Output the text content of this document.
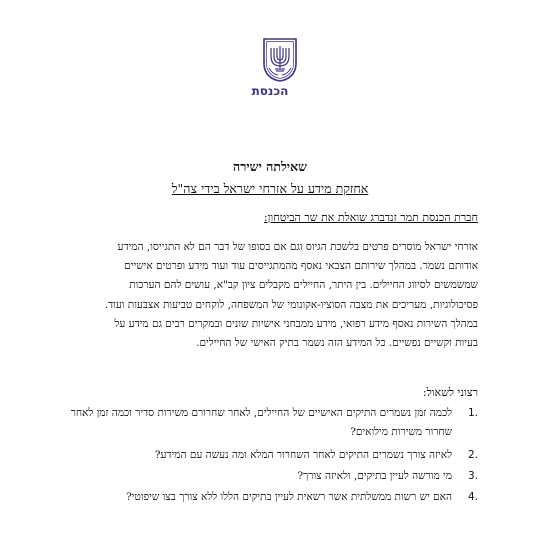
הכנסת
שאילתה ישירה
אחזקת מידע על אזרחי ישראל בידי צה"ל
חברת הכנסת תמר זנדברג שואלת את שר הביטחון:
אזרחי ישראל מוסרים פרטים בלשכת הגיוס וגם אם בסופו של דבר הם לא התגייסו, המידע
אודותם נשמר. במהלך שירותם הצבאי נאסף מהמתגייסים עוד ועוד מידע ופרטים אישיים
שמשמשים לסיווג החיילים. בין היתר, החיילים מקבלים ציון קב"א, עושים להם הערכות
פסיכולוגיות, מעריכים את מצבה הסוציו-אקונומי של המשפחה, לוקחים טביעות אצבעות ועוד.
במהלך השירות נאסף מידע רפואי, מידע ממבחני אישיות שונים ובמקרים רבים גם מידע על
בעיות וקשיים נפשיים. כל המידע הזה נשמר בתיק האישי של החיילים.
רצוני לשאול:
.1
לכמה זמן נשמרים התיקים האישיים של החיילים, לאחר שחרורם משירות סדיר וכמה זמן לאחר שחרור משירות מילואים?
.2
לאיזה צורך נשמרים התיקים לאחר השחרור המלא ומה נעשה עם המידע?
.3
מי מורשה לעיין בתיקים, ולאיזה צורך?
.4
האם יש רשות ממשלתית אשר רשאית לעיין בתיקים הללו ללא צורך בצו שיפוטי?
